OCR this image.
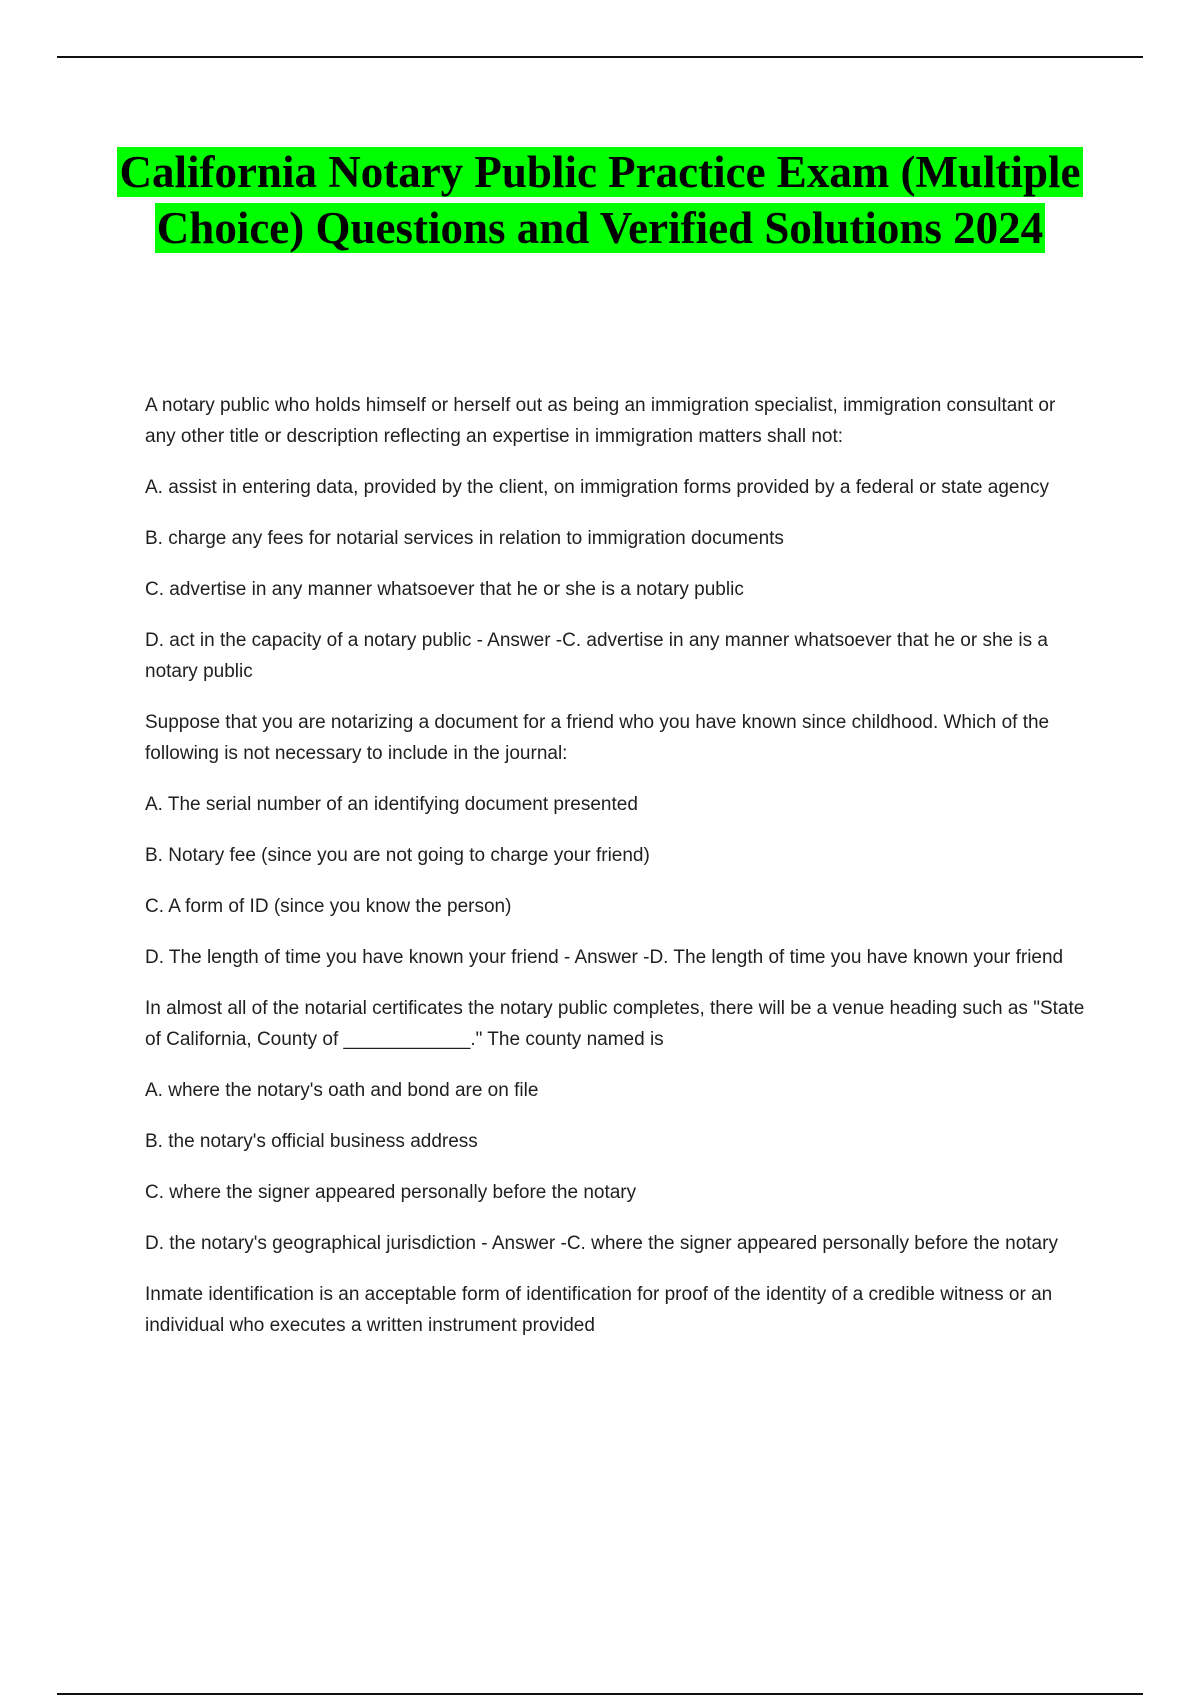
California Notary Public Practice Exam (Multiple Choice) Questions and Verified Solutions 2024

A notary public who holds himself or herself out as being an immigration specialist, immigration consultant or any other title or description reflecting an expertise in immigration matters shall not:

A. assist in entering data, provided by the client, on immigration forms provided by a federal or state agency

B. charge any fees for notarial services in relation to immigration documents

C. advertise in any manner whatsoever that he or she is a notary public

D. act in the capacity of a notary public - Answer -C. advertise in any manner whatsoever that he or she is a notary public

Suppose that you are notarizing a document for a friend who you have known since childhood. Which of the following is not necessary to include in the journal:

A. The serial number of an identifying document presented

B. Notary fee (since you are not going to charge your friend)

C. A form of ID (since you know the person)

D. The length of time you have known your friend - Answer -D. The length of time you have known your friend

In almost all of the notarial certificates the notary public completes, there will be a venue heading such as "State of California, County of ____________." The county named is

A. where the notary's oath and bond are on file

B. the notary's official business address

C. where the signer appeared personally before the notary

D. the notary's geographical jurisdiction - Answer -C. where the signer appeared personally before the notary

Inmate identification is an acceptable form of identification for proof of the identity of a credible witness or an individual who executes a written instrument provided
